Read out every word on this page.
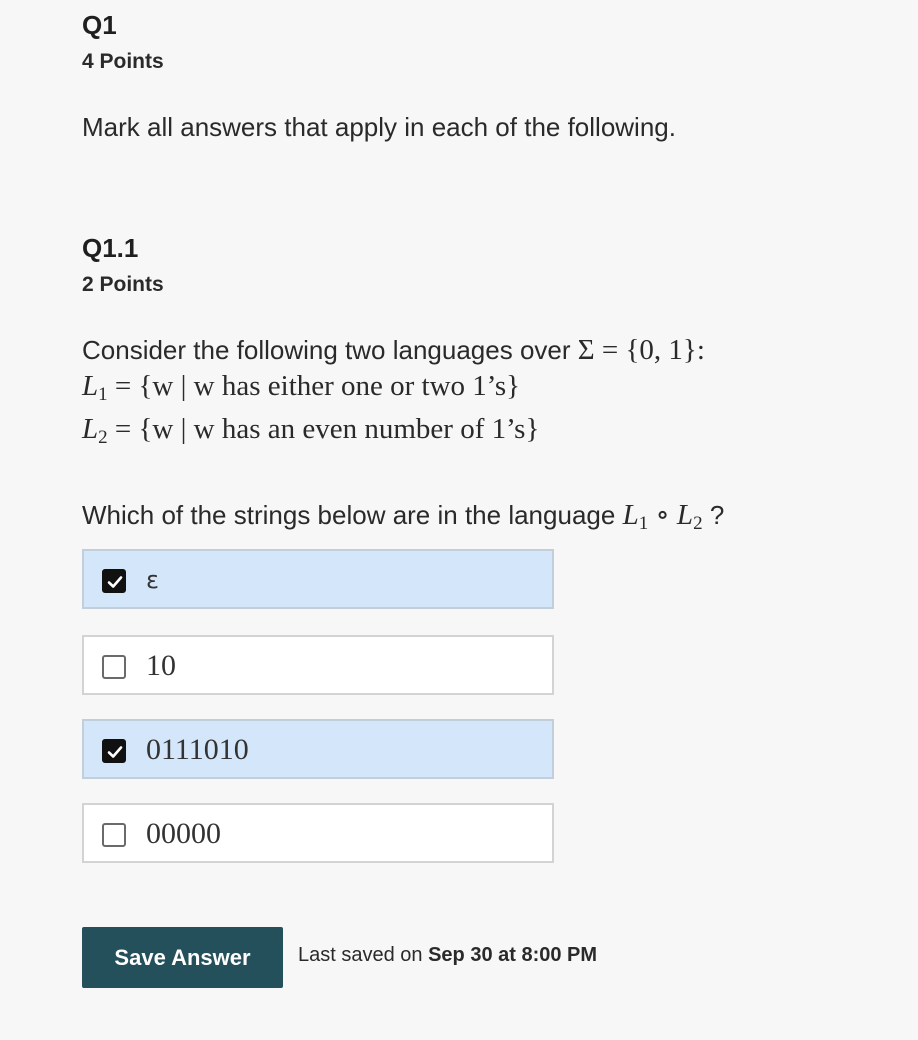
Q1
4 Points
Mark all answers that apply in each of the following.
Q1.1
2 Points
Consider the following two languages over Σ = {0, 1}:
$L_1 = \{w$ | w has either one or two 1’s}
$L_2 = \{w$ | w has an even number of 1’s}
Which of the strings below are in the language $L_1$ ∘ $L_2$ ?
ε
10
0111010
00000
Save Answer	Last saved on Sep 30 at 8:00 PM
